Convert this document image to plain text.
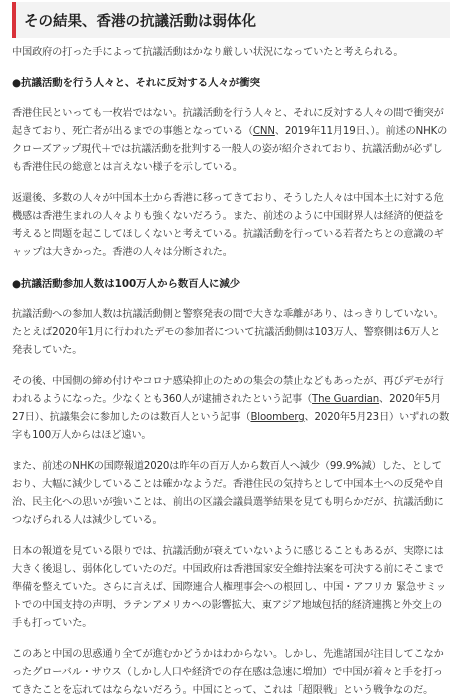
その結果、香港の抗議活動は弱体化

中国政府の打った手によって抗議活動はかなり厳しい状況になっていたと考えられる。

●抗議活動を行う人々と、それに反対する人々が衝突

香港住民といっても一枚岩ではない。抗議活動を行う人々と、それに反対する人々の間で衝突が起きており、死亡者が出るまでの事態となっている（CNN、2019年11月19日、）。前述のNHKのクローズアップ現代＋では抗議活動を批判する一般人の姿が紹介されており、抗議活動が必ずしも香港住民の総意とは言えない様子を示している。

返還後、多数の人々が中国本土から香港に移ってきており、そうした人々は中国本土に対する危機感は香港生まれの人々よりも強くないだろう。また、前述のように中国財界人は経済的便益を考えると問題を起こしてほしくないと考えている。抗議活動を行っている若者たちとの意識のギャップは大きかった。香港の人々は分断された。

●抗議活動参加人数は100万人から数百人に減少

抗議活動への参加人数は抗議活動側と警察発表の間で大きな乖離があり、はっきりしていない。たとえば2020年1月に行われたデモの参加者について抗議活動側は103万人、警察側は6万人と発表していた。

その後、中国側の締め付けやコロナ感染抑止のための集会の禁止などもあったが、再びデモが行われるようになった。少なくとも360人が逮捕されたという記事（The Guardian、2020年5月27日）、抗議集会に参加したのは数百人という記事（Bloomberg、2020年5月23日）いずれの数字も100万人からはほど遠い。

また、前述のNHKの国際報道2020は昨年の百万人から数百人へ減少（99.9%減）した、としており、大幅に減少していることは確かなようだ。香港住民の気持ちとして中国本土への反発や自治、民主化への思いが強いことは、前出の区議会議員選挙結果を見ても明らかだが、抗議活動につなげられる人は減少している。

日本の報道を見ている限りでは、抗議活動が衰えていないように感じることもあるが、実際には大きく後退し、弱体化していたのだ。中国政府は香港国家安全維持法案を可決する前にそこまで準備を整えていた。さらに言えば、国際連合人権理事会への根回し、中国・アフリカ 緊急サミットでの中国支持の声明、ラテンアメリカへの影響拡大、東アジア地域包括的経済連携と外交上の手も打っていた。

このあと中国の思惑通り全てが進むかどうかはわからない。しかし、先進諸国が注目してこなかったグローバル・サウス（しかし人口や経済での存在感は急速に増加）で中国が着々と手を打ってきたことを忘れてはならないだろう。中国にとって、これは「超限戦」という戦争なのだ。
